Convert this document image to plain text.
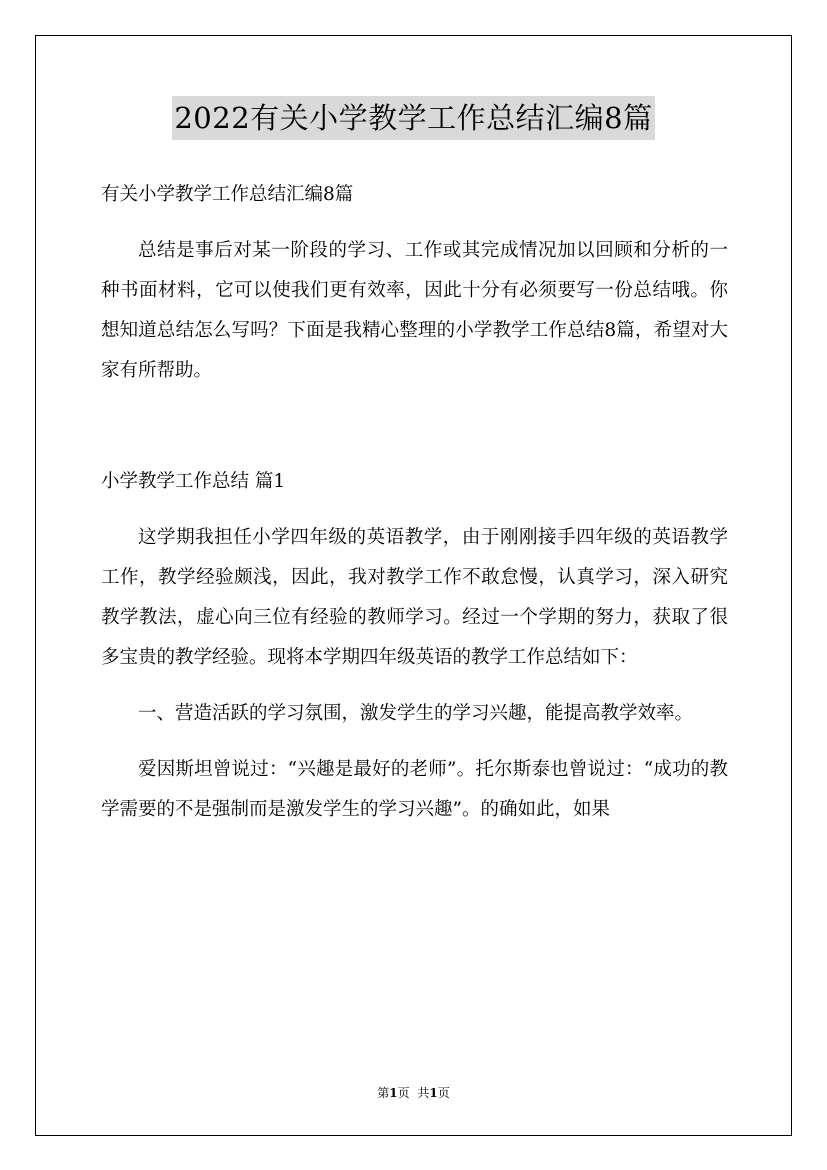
2022有关小学教学工作总结汇编8篇

有关小学教学工作总结汇编8篇

总结是事后对某一阶段的学习、工作或其完成情况加以回顾和分析的一种书面材料，它可以使我们更有效率，因此十分有必须要写一份总结哦。你想知道总结怎么写吗？下面是我精心整理的小学教学工作总结8篇，希望对大家有所帮助。

小学教学工作总结 篇1

这学期我担任小学四年级的英语教学，由于刚刚接手四年级的英语教学工作，教学经验颇浅，因此，我对教学工作不敢怠慢，认真学习，深入研究教学教法，虚心向三位有经验的教师学习。经过一个学期的努力，获取了很多宝贵的教学经验。现将本学期四年级英语的教学工作总结如下：

一、营造活跃的学习氛围，激发学生的学习兴趣，能提高教学效率。

爱因斯坦曾说过：“兴趣是最好的老师”。托尔斯泰也曾说过：“成功的教学需要的不是强制而是激发学生的学习兴趣”。的确如此，如果

第1页 共1页
